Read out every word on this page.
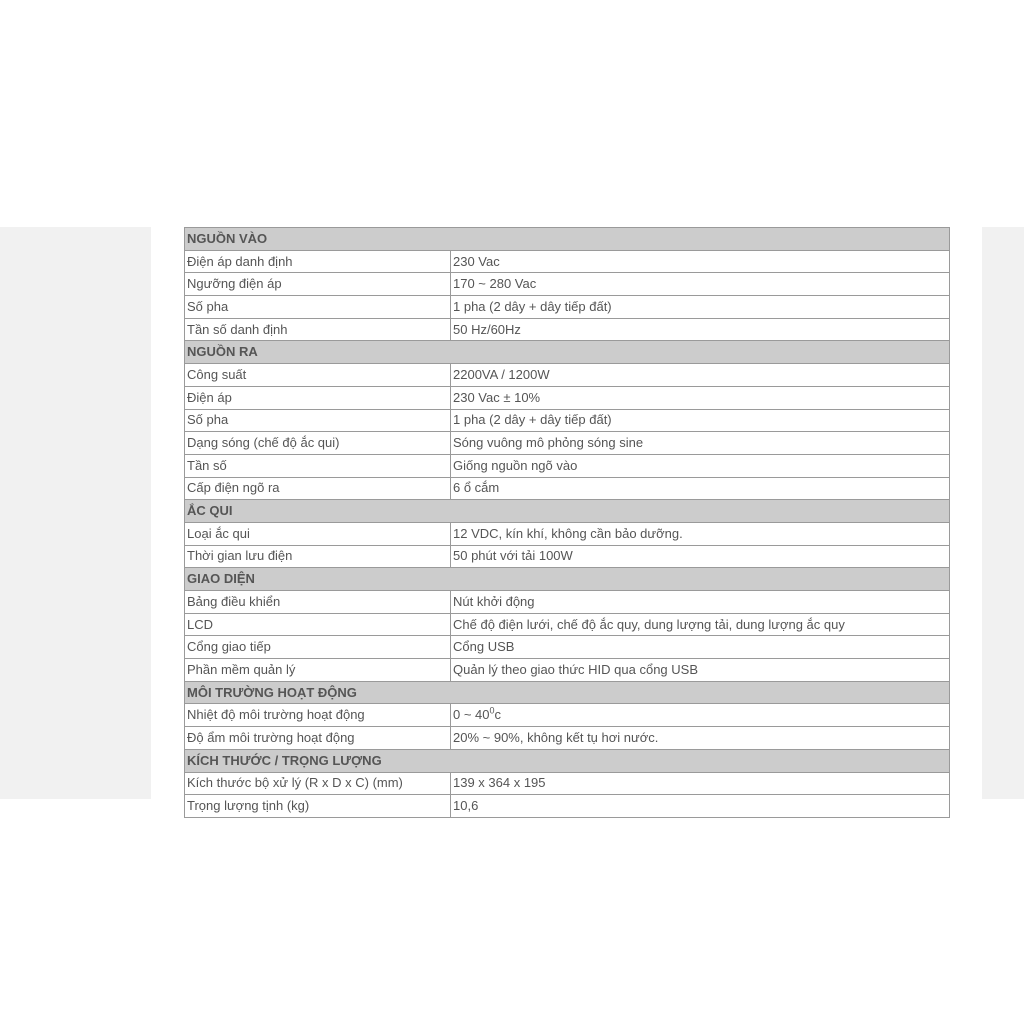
NGUỒN VÀO	
Điện áp danh định	230 Vac
Ngưỡng điện áp	170 ~ 280 Vac
Số pha	1 pha (2 dây + dây tiếp đất)
Tần số danh định	50 Hz/60Hz
NGUỒN RA	
Công suất	2200VA / 1200W
Điện áp	230 Vac ± 10%
Số pha	1 pha (2 dây + dây tiếp đất)
Dạng sóng (chế độ ắc qui)	Sóng vuông mô phỏng sóng sine
Tần số	Giống nguồn ngõ vào
Cấp điện ngõ ra	6 ổ cắm
ẮC QUI	
Loại ắc qui	12 VDC, kín khí, không cần bảo dưỡng.
Thời gian lưu điện	50 phút với tải 100W
GIAO DIỆN	
Bảng điều khiển	Nút khởi động
LCD	Chế độ điện lưới, chế độ ắc quy, dung lượng tải, dung lượng ắc quy
Cổng giao tiếp	Cổng USB
Phần mềm quản lý	Quản lý theo giao thức HID qua cổng USB
MÔI TRƯỜNG HOẠT ĐỘNG	
Nhiệt độ môi trường hoạt động	0 ~ $40^0c$
Độ ẩm môi trường hoạt động	20% ~ 90%, không kết tụ hơi nước.
KÍCH THƯỚC / TRỌNG LƯỢNG	
Kích thước bộ xử lý (R x D x C) (mm)	139 x 364 x 195
Trọng lượng tịnh (kg)	10,6
